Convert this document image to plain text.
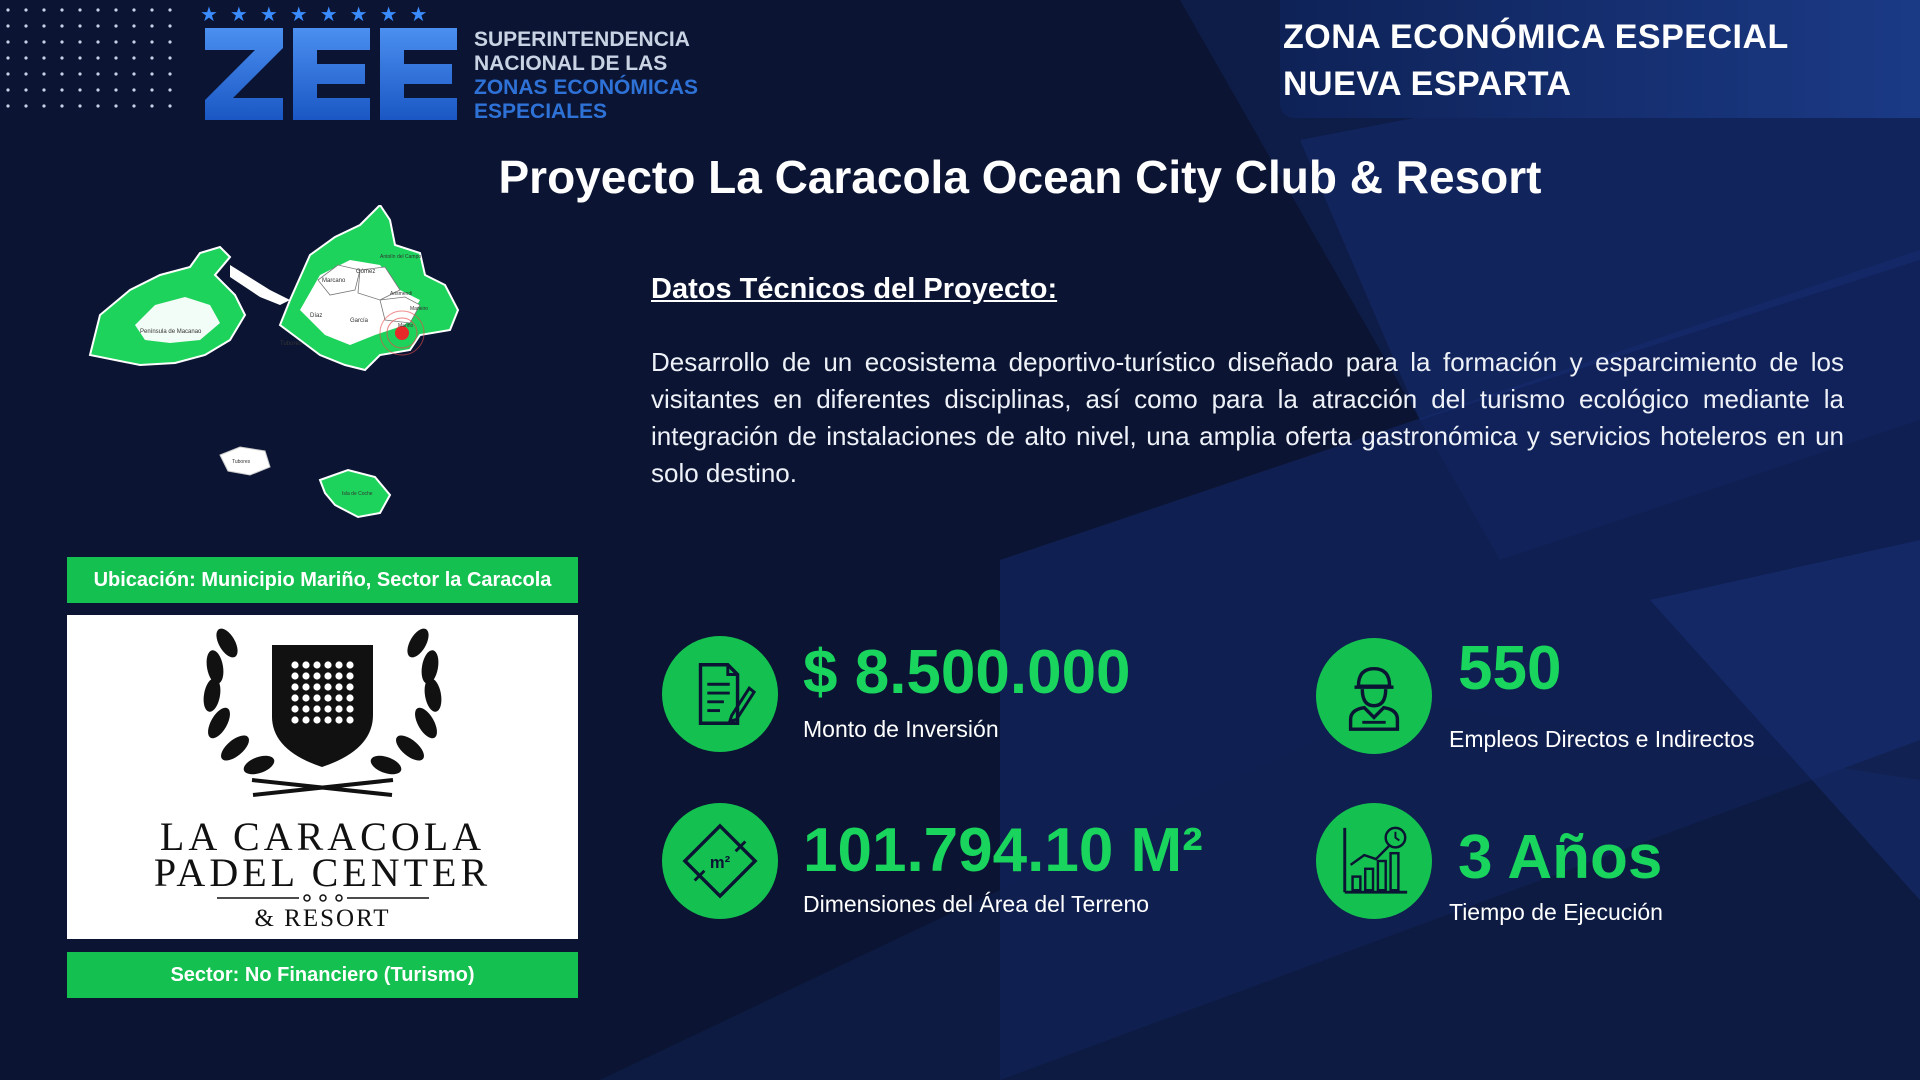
★★★★★★★★
SUPERINTENDENCIA
NACIONAL DE LAS
ZONAS ECONÓMICAS
ESPECIALES
ZONA ECONÓMICA ESPECIAL
NUEVA ESPARTA
Proyecto La Caracola Ocean City Club & Resort
Península de Macanao
Tubores
Díaz
García
Marcano
Gómez
Antolín del Campo
Arismendi
Maneiro
Mariño
Tubores
Isla de Coche
Ubicación: Municipio Mariño, Sector la Caracola
LA CARACOLA
PADEL CENTER
& RESORT
Sector: No Financiero (Turismo)
Datos Técnicos del Proyecto:
Desarrollo de un ecosistema deportivo-turístico diseñado para la formación y esparcimiento de los visitantes en diferentes disciplinas, así como para la atracción del turismo ecológico mediante la integración de instalaciones de alto nivel, una amplia oferta gastronómica y servicios hoteleros en un solo destino.
$ 8.500.000
Monto de Inversión
550
Empleos Directos e Indirectos
m² 101.794.10 M²
Dimensiones del Área del Terreno
3 Años
Tiempo de Ejecución
